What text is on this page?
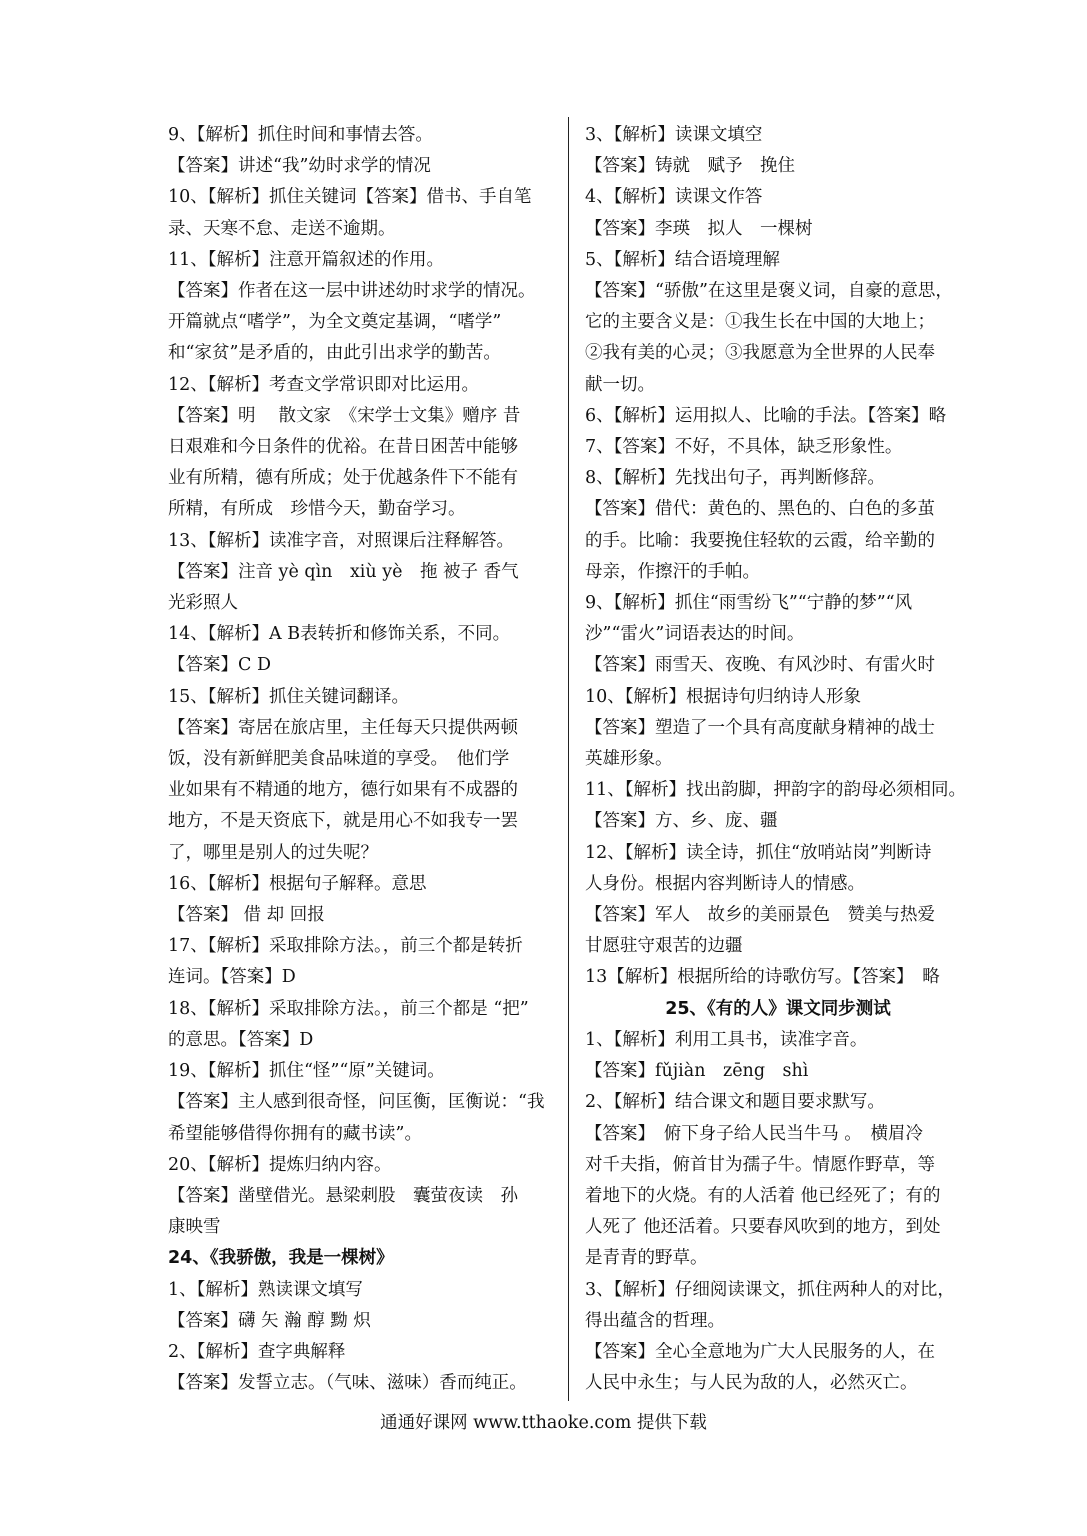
9、【解析】抓住时间和事情去答。
【答案】讲述“我”幼时求学的情况
10、【解析】抓住关键词【答案】借书、手自笔
录、天寒不怠、走送不逾期。
11、【解析】注意开篇叙述的作用。
【答案】作者在这一层中讲述幼时求学的情况。
开篇就点“嗜学”，为全文奠定基调，“嗜学”
和“家贫”是矛盾的，由此引出求学的勤苦。
12、【解析】考查文学常识即对比运用。
【答案】明　 散文家　《宋学士文集》赠序 昔
日艰难和今日条件的优裕。在昔日困苦中能够
业有所精，德有所成；处于优越条件下不能有
所精，有所成　珍惜今天，勤奋学习。
13、【解析】读准字音，对照课后注释解答。
【答案】注音 yè qìn　xiù yè　拖 被子 香气
光彩照人
14、【解析】A B表转折和修饰关系，不同。
【答案】C D
15、【解析】抓住关键词翻译。
【答案】寄居在旅店里，主任每天只提供两顿
饭，没有新鲜肥美食品味道的享受。　他们学
业如果有不精通的地方，德行如果有不成器的
地方，不是天资底下，就是用心不如我专一罢
了，哪里是别人的过失呢？
16、【解析】根据句子解释。意思
【答案】 借 却 回报
17、【解析】采取排除方法。，前三个都是转折
连词。【答案】D
18、【解析】采取排除方法。，前三个都是 “把”
的意思。【答案】D
19、【解析】抓住“怪”“原”关键词。
【答案】主人感到很奇怪，问匡衡，匡衡说：“我
希望能够借得你拥有的藏书读”。
20、【解析】提炼归纳内容。
【答案】凿壁借光。悬梁刺股　囊萤夜读　孙
康映雪
24、《我骄傲，我是一棵树》
1、【解析】熟读课文填写
【答案】礴 矢 瀚 醇 黝 炽
2、【解析】查字典解释
【答案】发誓立志。（气味、滋味）香而纯正。
3、【解析】读课文填空
【答案】铸就　赋予　挽住
4、【解析】读课文作答
【答案】李瑛　拟人　一棵树
5、【解析】结合语境理解
【答案】“骄傲”在这里是褒义词，自豪的意思，
它的主要含义是：①我生长在中国的大地上；
②我有美的心灵；③我愿意为全世界的人民奉
献一切。
6、【解析】运用拟人、比喻的手法。【答案】略
7、【答案】不好，不具体，缺乏形象性。
8、【解析】先找出句子，再判断修辞。
【答案】借代：黄色的、黑色的、白色的多茧
的手。比喻：我要挽住轻软的云霞，给辛勤的
母亲，作擦汗的手帕。
9、【解析】抓住“雨雪纷飞”“宁静的梦”“风
沙”“雷火”词语表达的时间。
【答案】雨雪天、夜晚、有风沙时、有雷火时
10、【解析】根据诗句归纳诗人形象
【答案】塑造了一个具有高度献身精神的战士
英雄形象。
11、【解析】找出韵脚，押韵字的韵母必须相同。
【答案】方、乡、庞、疆
12、【解析】读全诗，抓住“放哨站岗”判断诗
人身份。根据内容判断诗人的情感。
【答案】军人　故乡的美丽景色　赞美与热爱
甘愿驻守艰苦的边疆
13【解析】根据所给的诗歌仿写。【答案】　略
25、《有的人》课文同步测试
1、【解析】利用工具书，读准字音。
【答案】fǔjiàn　zēng　shì
2、【解析】结合课文和题目要求默写。
【答案】　俯下身子给人民当牛马 。　横眉冷
对千夫指，俯首甘为孺子牛。情愿作野草，等
着地下的火烧。有的人活着 他已经死了；有的
人死了 他还活着。只要春风吹到的地方，到处
是青青的野草。
3、【解析】仔细阅读课文，抓住两种人的对比，
得出蕴含的哲理。
【答案】全心全意地为广大人民服务的人，在
人民中永生；与人民为敌的人，必然灭亡。
通通好课网 www.tthaoke.com 提供下载
